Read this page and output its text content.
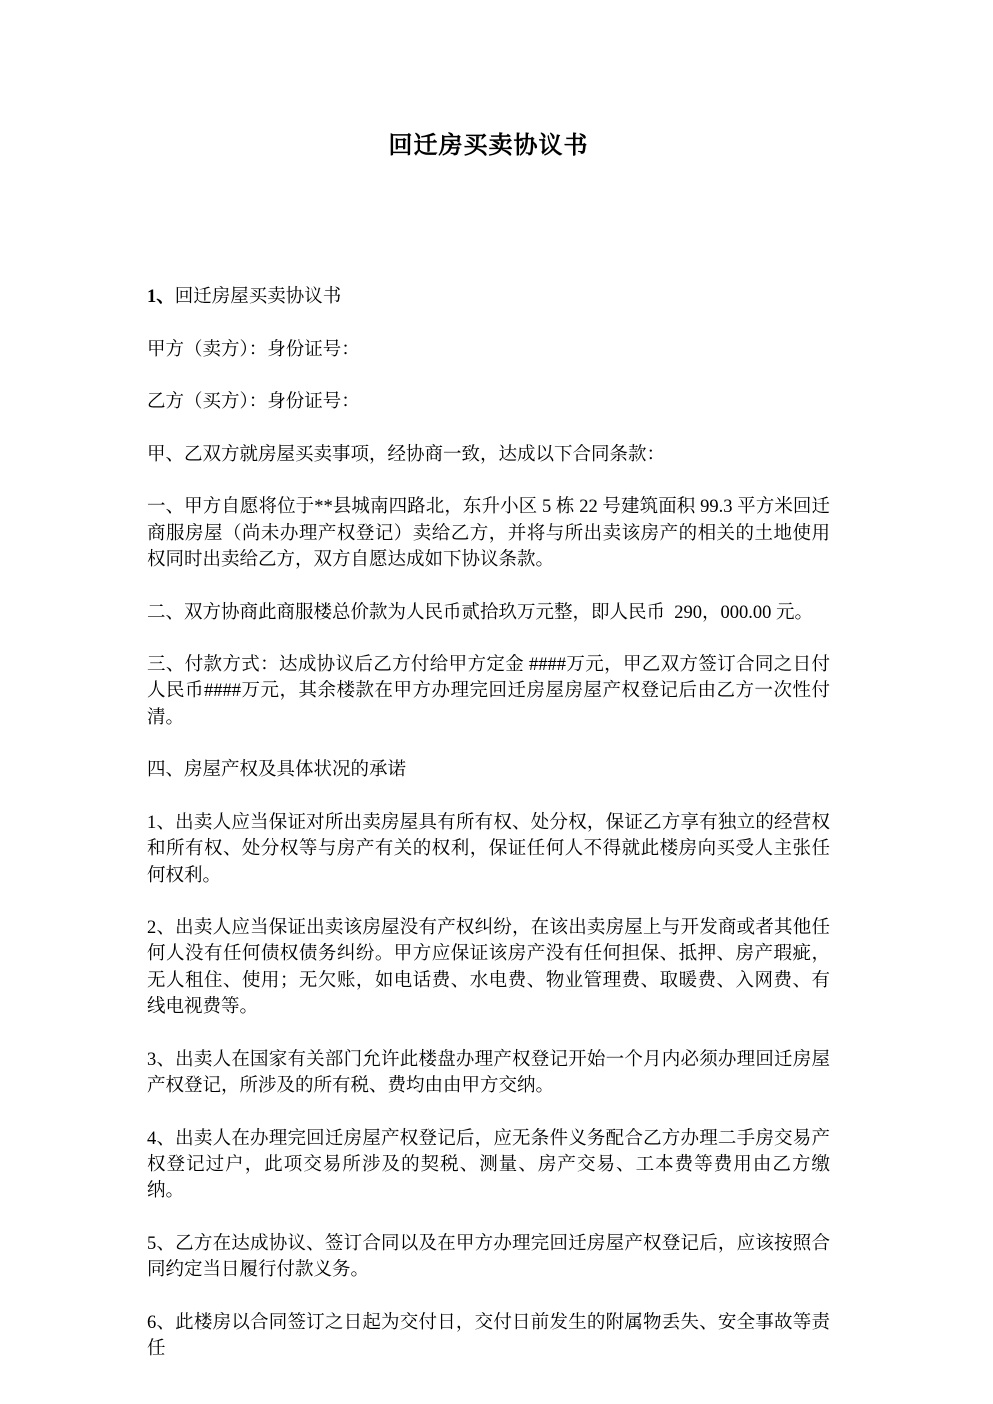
回迁房买卖协议书

1、回迁房屋买卖协议书

甲方（卖方）：身份证号：

乙方（买方）：身份证号：

甲、乙双方就房屋买卖事项，经协商一致，达成以下合同条款：

一、甲方自愿将位于**县城南四路北，东升小区 5 栋 22 号建筑面积 99.3 平方米回迁商服房屋（尚未办理产权登记）卖给乙方，并将与所出卖该房产的相关的土地使用权同时出卖给乙方，双方自愿达成如下协议条款。

二、双方协商此商服楼总价款为人民币贰拾玖万元整，即人民币  290，000.00 元。

三、付款方式：达成协议后乙方付给甲方定金 ####万元，甲乙双方签订合同之日付人民币####万元，其余楼款在甲方办理完回迁房屋房屋产权登记后由乙方一次性付清。

四、房屋产权及具体状况的承诺

1、出卖人应当保证对所出卖房屋具有所有权、处分权，保证乙方享有独立的经营权和所有权、处分权等与房产有关的权利，保证任何人不得就此楼房向买受人主张任何权利。

2、出卖人应当保证出卖该房屋没有产权纠纷，在该出卖房屋上与开发商或者其他任何人没有任何债权债务纠纷。甲方应保证该房产没有任何担保、抵押、房产瑕疵，无人租住、使用；无欠账，如电话费、水电费、物业管理费、取暖费、入网费、有线电视费等。

3、出卖人在国家有关部门允许此楼盘办理产权登记开始一个月内必须办理回迁房屋产权登记，所涉及的所有税、费均由由甲方交纳。

4、出卖人在办理完回迁房屋产权登记后，应无条件义务配合乙方办理二手房交易产权登记过户，此项交易所涉及的契税、测量、房产交易、工本费等费用由乙方缴纳。

5、乙方在达成协议、签订合同以及在甲方办理完回迁房屋产权登记后，应该按照合同约定当日履行付款义务。

6、此楼房以合同签订之日起为交付日，交付日前发生的附属物丢失、安全事故等责任
